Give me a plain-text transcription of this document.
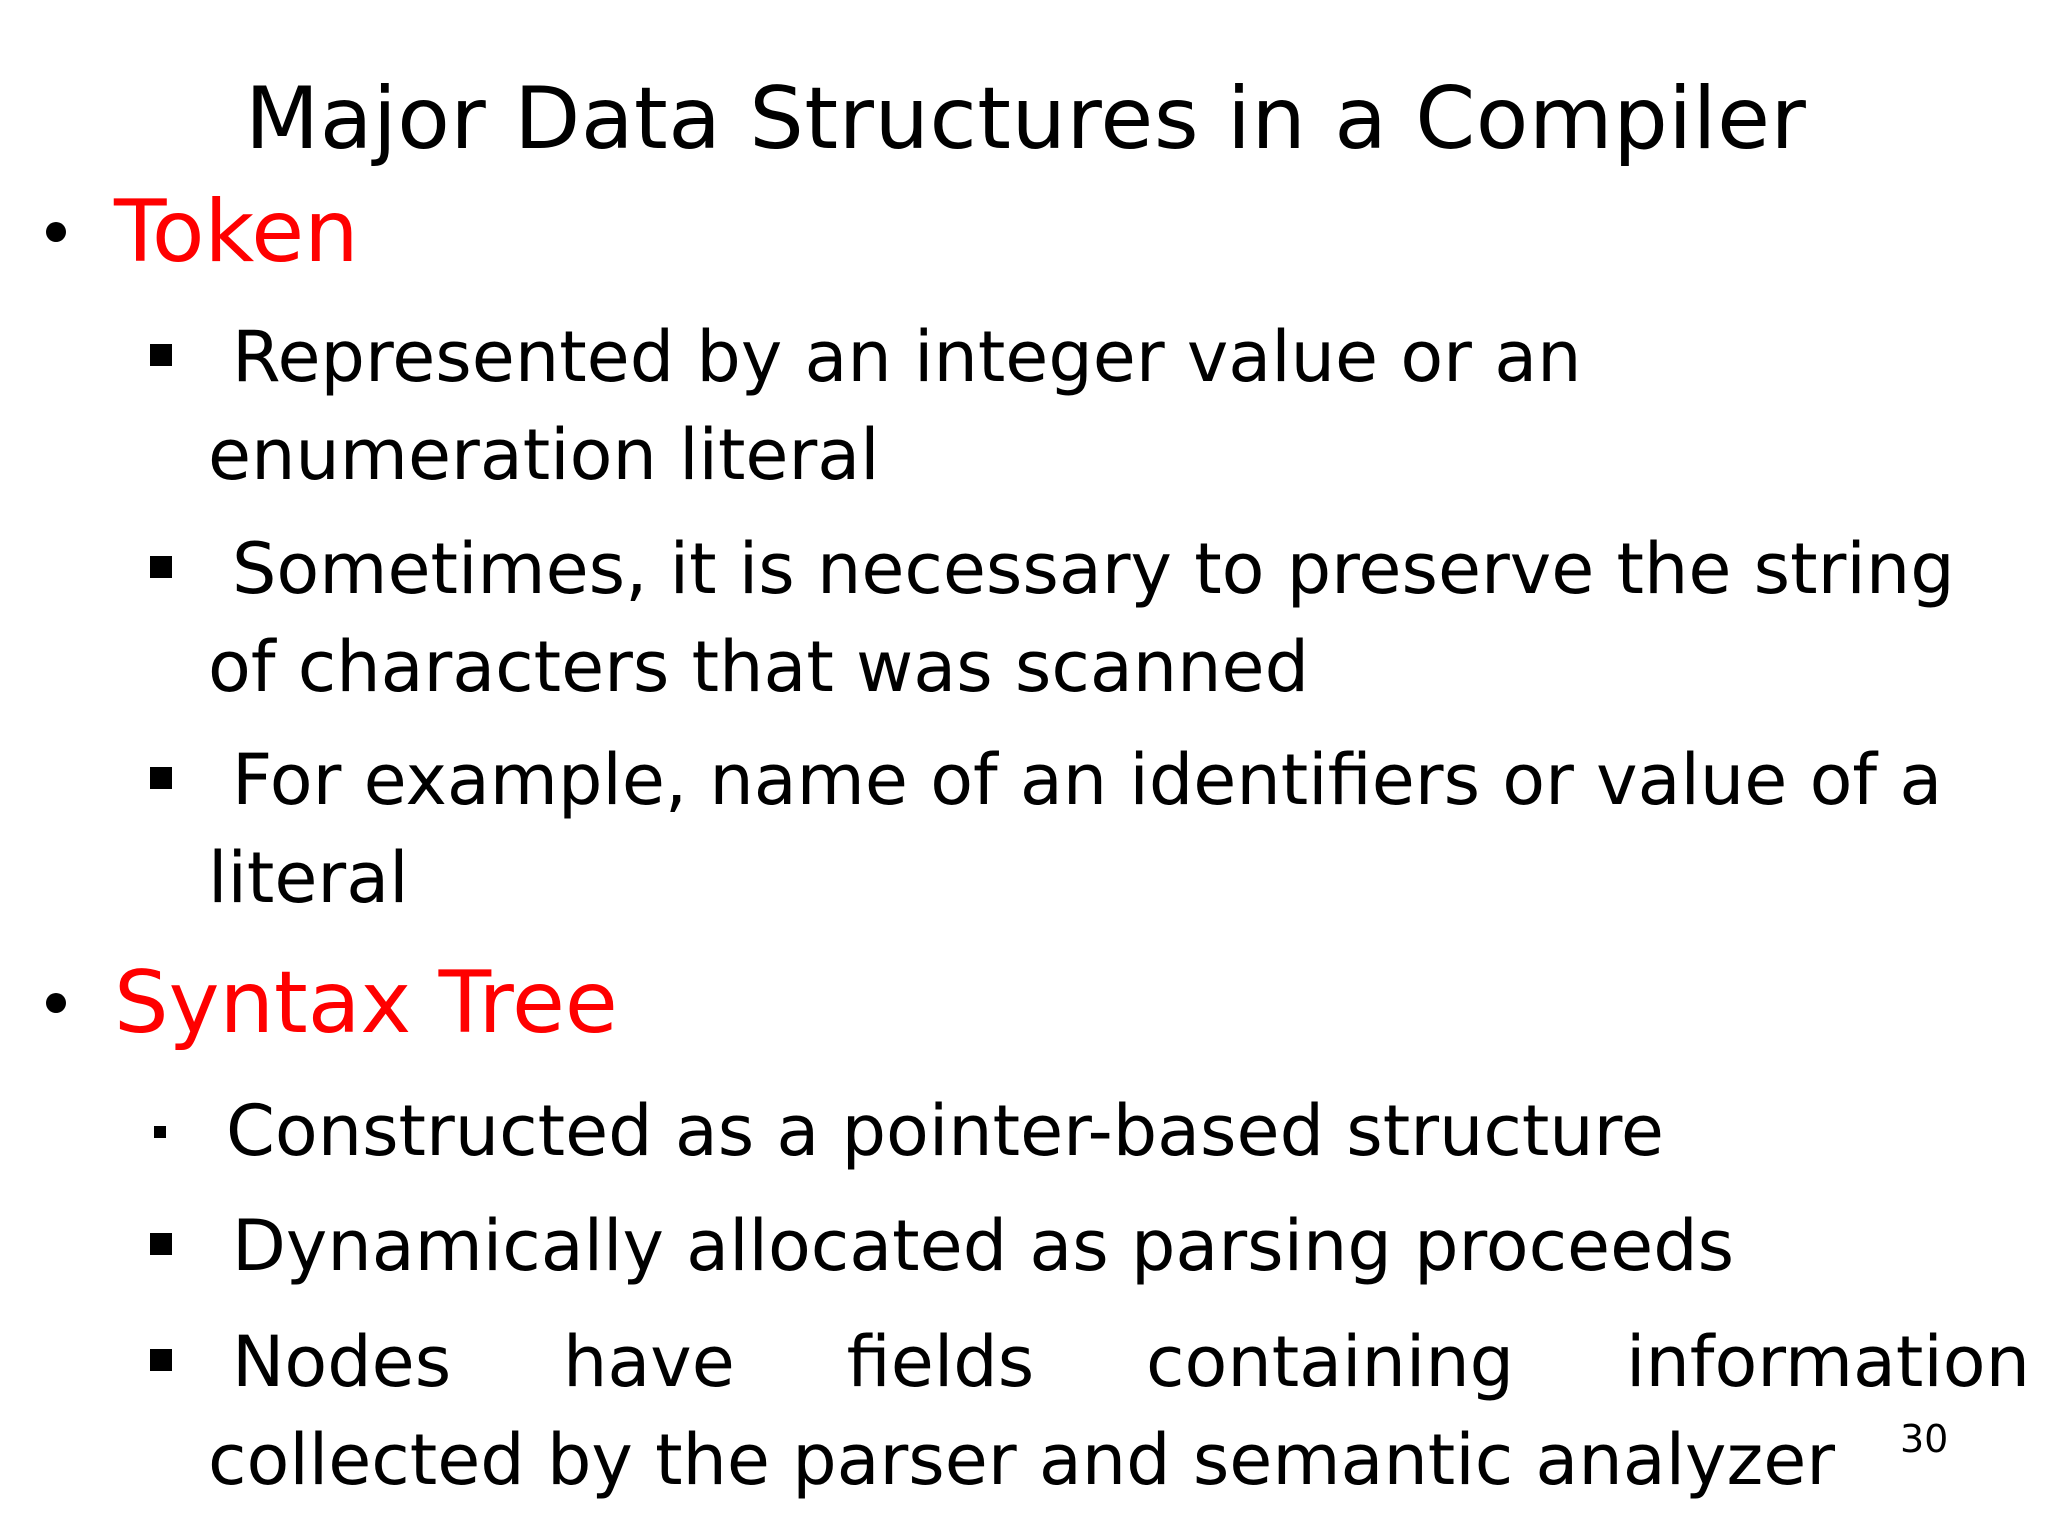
Major Data Structures in a Compiler
Token
Represented by an integer value or an
enumeration literal
Sometimes, it is necessary to preserve the string
of characters that was scanned
For example, name of an identifiers or value of a
literal
Syntax Tree
Constructed as a pointer-based structure
Dynamically allocated as parsing proceeds
Nodes have fields containing information
collected by the parser and semantic analyzer	30
